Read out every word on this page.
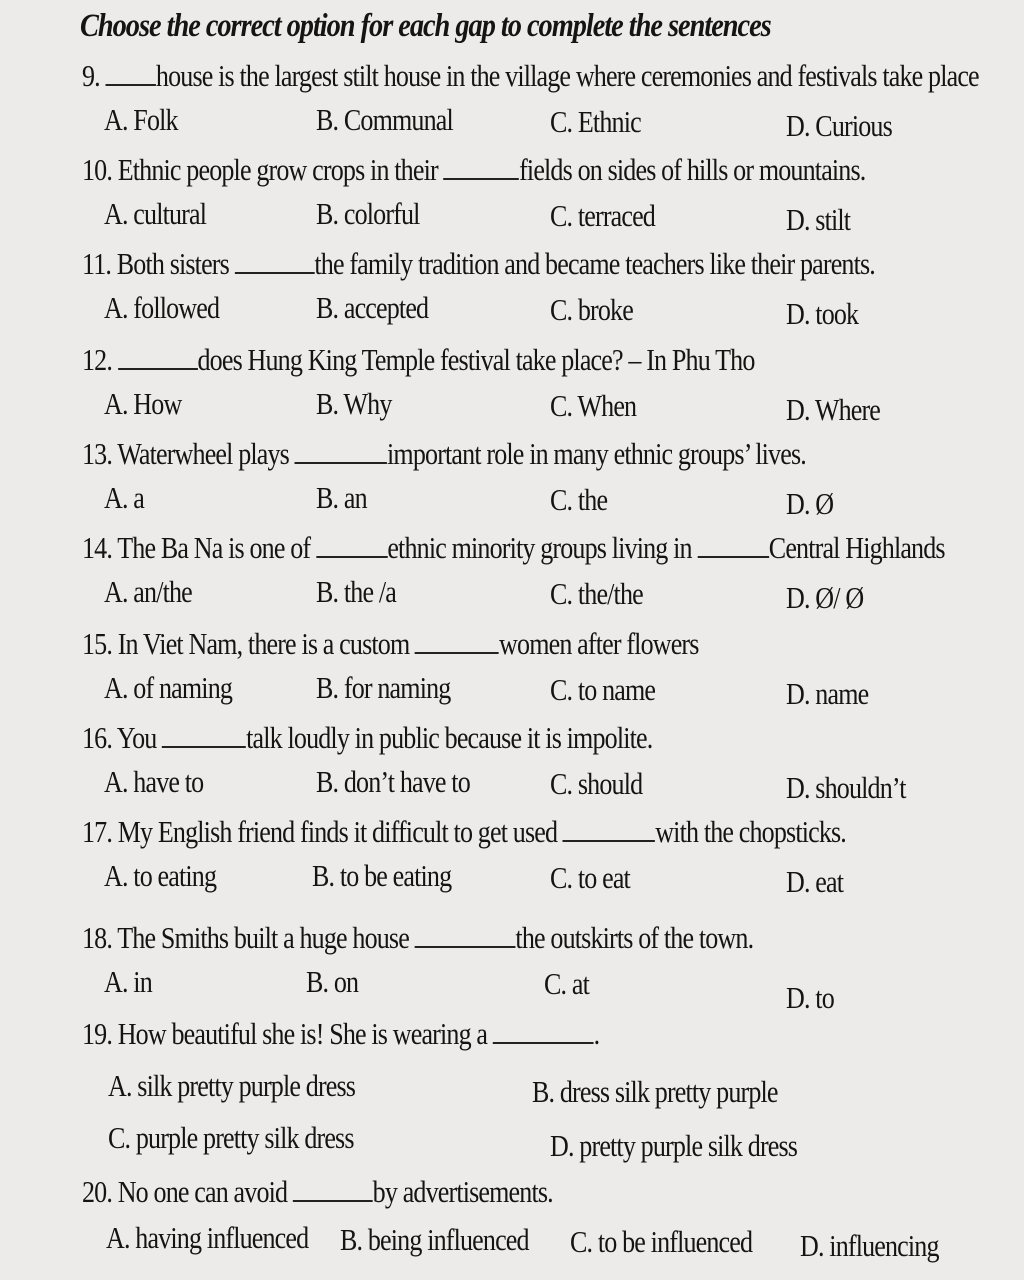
Choose the correct option for each gap to complete the sentences
9. house is the largest stilt house in the village where ceremonies and festivals take place
A. Folk	B. Communal	C. Ethnic	D. Curious
10. Ethnic people grow crops in their	fields on sides of hills or mountains.
A. cultural	B. colorful	C. terraced	D. stilt
11. Both sisters	the family tradition and became teachers like their parents.
A. followed	B. accepted	C. broke	D. took
12.	does Hung King Temple festival take place? – In Phu Tho
A. How	B. Why	C. When	D. Where
13. Waterwheel plays	important role in many ethnic groups’ lives.
A. a	B. an	C. the	D. Ø
14. The Ba Na is one of ethnic minority groups living in Central Highlands
A. an/the	B. the /a	C. the/the	D. Ø/ Ø
15. In Viet Nam, there is a custom	women after flowers
A. of naming	B. for naming	C. to name	D. name
16. You	talk loudly in public because it is impolite.
A. have to	B. don’t have to	C. should	D. shouldn’t
17. My English friend finds it difficult to get used	with the chopsticks.
A. to eating	B. to be eating	C. to eat	D. eat
18. The Smiths built a huge house	the outskirts of the town.
A. in	B. on	C. at	D. to
19. How beautiful she is! She is wearing a	.
A. silk pretty purple dress	B. dress silk pretty purple
C. purple pretty silk dress	D. pretty purple silk dress
20. No one can avoid	by advertisements.
A. having influenced B. being influenced C. to be influenced D. influencing
